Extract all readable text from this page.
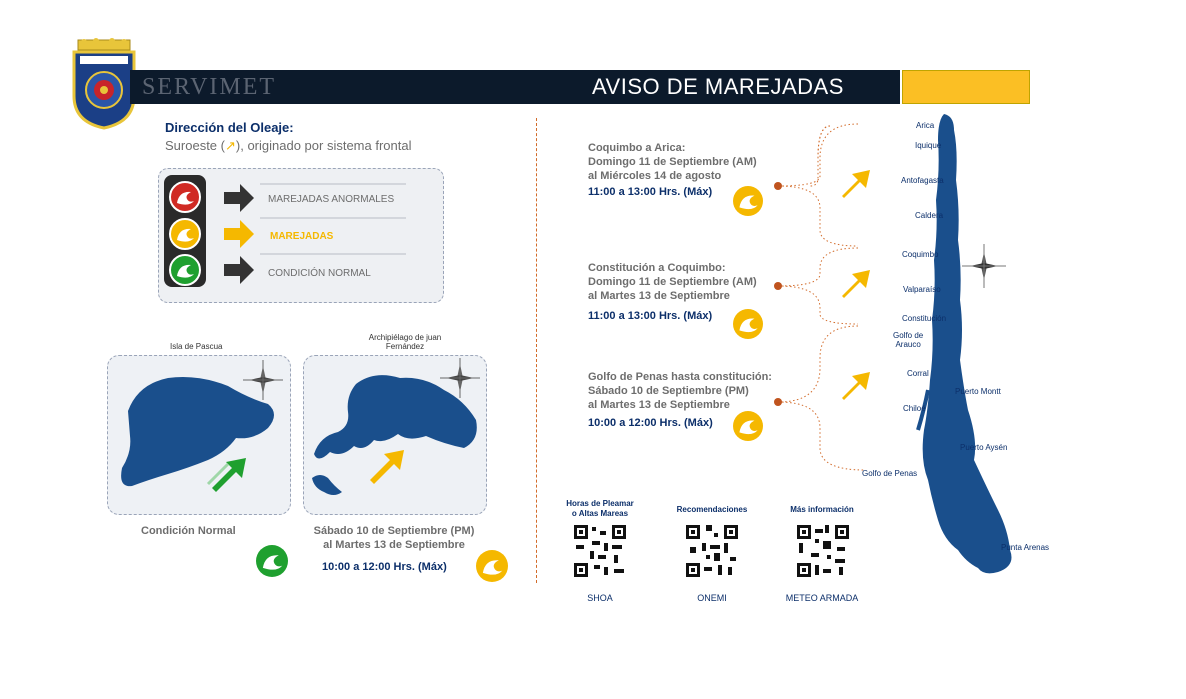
SERVIMET	AVISO DE MAREJADAS
Dirección del Oleaje:
Suroeste (↗), originado por sistema frontal
MAREJADAS ANORMALES
MAREJADAS
CONDICIÓN NORMAL
Isla de Pascua
Condición Normal
Archipiélago de juan
Fernández
Sábado 10 de Septiembre (PM)
al Martes 13 de Septiembre
10:00 a 12:00 Hrs. (Máx)
Coquimbo a Arica:
Domingo 11 de Septiembre (AM)
al Miércoles 14 de agosto
11:00 a 13:00 Hrs. (Máx)
Constitución a Coquimbo:
Domingo 11 de Septiembre (AM)
al Martes 13 de Septiembre
11:00 a 13:00 Hrs. (Máx)
Golfo de Penas hasta constitución:
Sábado 10 de Septiembre (PM)
al Martes 13 de Septiembre
10:00 a 12:00 Hrs. (Máx)
Arica
Iquique
Antofagasta
Caldera
Coquimbo
Valparaíso
Constitución
Golfo de
Arauco
Corral
Puerto Montt
Chiloé
Puerto Aysén
Golfo de Penas
Punta Arenas
Horas de Pleamar
o Altas Mareas	Recomendaciones	Más información
SHOA	ONEMI	METEO ARMADA
